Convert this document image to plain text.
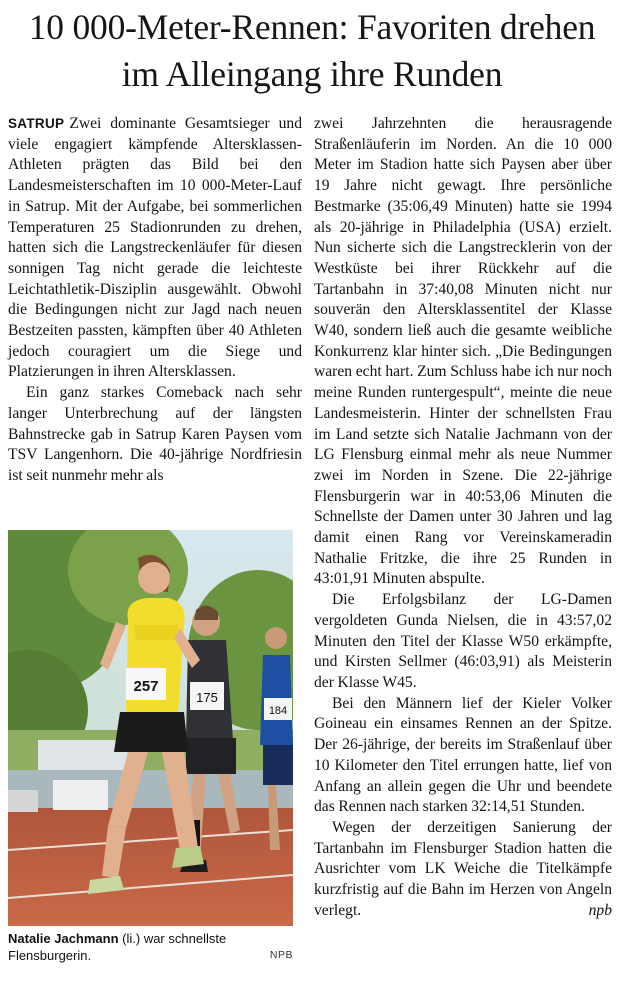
10 000-Meter-Rennen: Favoriten drehen im Alleingang ihre Runden

SATRUP Zwei dominante Gesamtsieger und viele engagiert kämpfende Altersklassen-Athleten prägten das Bild bei den Landesmeisterschaften im 10 000-Meter-Lauf in Satrup. Mit der Aufgabe, bei sommerlichen Temperaturen 25 Stadionrunden zu drehen, hatten sich die Langstreckenläufer für diesen sonnigen Tag nicht gerade die leichteste Leichtathletik-Disziplin ausgewählt. Obwohl die Bedingungen nicht zur Jagd nach neuen Bestzeiten passten, kämpften über 40 Athleten jedoch couragiert um die Siege und Platzierungen in ihren Altersklassen.

Ein ganz starkes Comeback nach sehr langer Unterbrechung auf der längsten Bahnstrecke gab in Satrup Karen Paysen vom TSV Langenhorn. Die 40-jährige Nordfriesin ist seit nunmehr mehr als

184
175
257
Natalie Jachmann (li.) war schnellste Flensburgerin.	NPB

zwei Jahrzehnten die herausragende Straßenläuferin im Norden. An die 10 000 Meter im Stadion hatte sich Paysen aber über 19 Jahre nicht gewagt. Ihre persönliche Bestmarke (35:06,49 Minuten) hatte sie 1994 als 20-jährige in Philadelphia (USA) erzielt. Nun sicherte sich die Langstrecklerin von der Westküste bei ihrer Rückkehr auf die Tartanbahn in 37:40,08 Minuten nicht nur souverän den Altersklassentitel der Klasse W40, sondern ließ auch die gesamte weibliche Konkurrenz klar hinter sich. „Die Bedingungen waren echt hart. Zum Schluss habe ich nur noch meine Runden runtergespult“, meinte die neue Landesmeisterin. Hinter der schnellsten Frau im Land setzte sich Natalie Jachmann von der LG Flensburg einmal mehr als neue Nummer zwei im Norden in Szene. Die 22-jährige Flensburgerin war in 40:53,06 Minuten die Schnellste der Damen unter 30 Jahren und lag damit einen Rang vor Vereinskameradin Nathalie Fritzke, die ihre 25 Runden in 43:01,91 Minuten abspulte.

Die Erfolgsbilanz der LG-Damen vergoldeten Gunda Nielsen, die in 43:57,02 Minuten den Titel der Klasse W50 erkämpfte, und Kirsten Sellmer (46:03,91) als Meisterin der Klasse W45.

Bei den Männern lief der Kieler Volker Goineau ein einsames Rennen an der Spitze. Der 26-jährige, der bereits im Straßenlauf über 10 Kilometer den Titel errungen hatte, lief von Anfang an allein gegen die Uhr und beendete das Rennen nach starken 32:14,51 Stunden.

Wegen der derzeitigen Sanierung der Tartanbahn im Flensburger Stadion hatten die Ausrichter vom LK Weiche die Titelkämpfe kurzfristig auf die Bahn im Herzen von Angeln verlegt.	npb
